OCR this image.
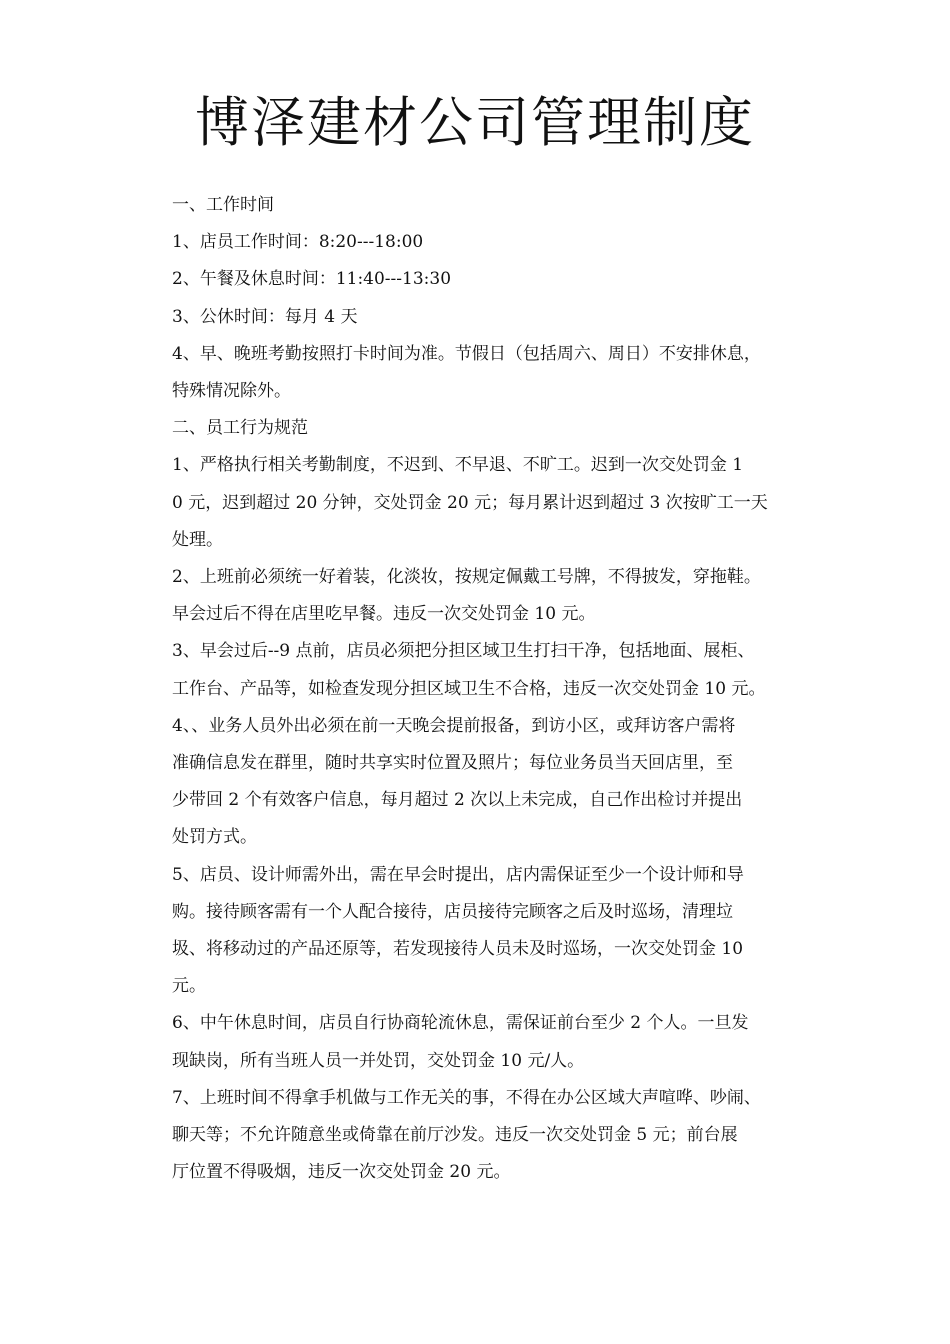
博泽建材公司管理制度

一、工作时间

1、店员工作时间：8:20---18:00

2、午餐及休息时间：11:40---13:30

3、公休时间：每月 4 天

4、早、晚班考勤按照打卡时间为准。节假日（包括周六、周日）不安排休息，

特殊情况除外。

二、员工行为规范

1、严格执行相关考勤制度，不迟到、不早退、不旷工。迟到一次交处罚金 1

0 元，迟到超过 20 分钟，交处罚金 20 元；每月累计迟到超过 3 次按旷工一天

处理。

2、上班前必须统一好着装，化淡妆，按规定佩戴工号牌，不得披发，穿拖鞋。

早会过后不得在店里吃早餐。违反一次交处罚金 10 元。

3、早会过后--9 点前，店员必须把分担区域卫生打扫干净，包括地面、展柜、

工作台、产品等，如检查发现分担区域卫生不合格，违反一次交处罚金 10 元。

4、、业务人员外出必须在前一天晚会提前报备，到访小区，或拜访客户需将

准确信息发在群里，随时共享实时位置及照片；每位业务员当天回店里，至

少带回 2 个有效客户信息，每月超过 2 次以上未完成，自己作出检讨并提出

处罚方式。

5、店员、设计师需外出，需在早会时提出，店内需保证至少一个设计师和导

购。接待顾客需有一个人配合接待，店员接待完顾客之后及时巡场，清理垃

圾、将移动过的产品还原等，若发现接待人员未及时巡场，一次交处罚金 10

元。

6、中午休息时间，店员自行协商轮流休息，需保证前台至少 2 个人。一旦发

现缺岗，所有当班人员一并处罚，交处罚金 10 元/人。

7、上班时间不得拿手机做与工作无关的事，不得在办公区域大声喧哗、吵闹、

聊天等；不允许随意坐或倚靠在前厅沙发。违反一次交处罚金 5 元；前台展

厅位置不得吸烟，违反一次交处罚金 20 元。
